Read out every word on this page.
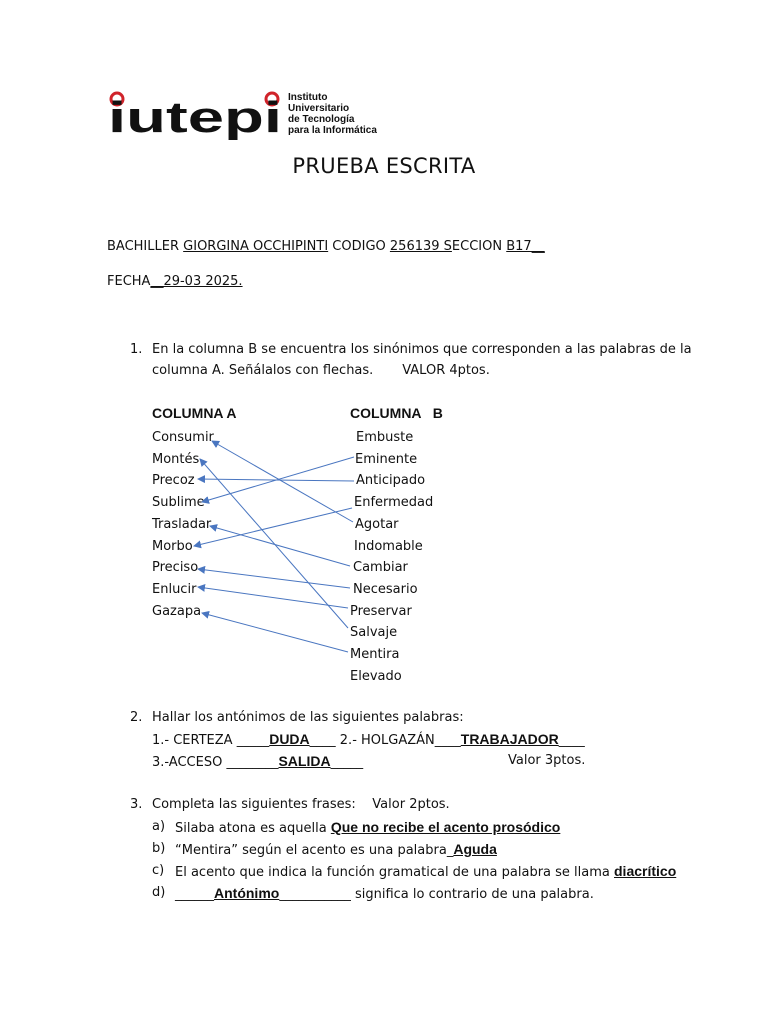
iutepi Instituto
Universitario
de Tecnología
para la Informática
PRUEBA ESCRITA
BACHILLER GIORGINA OCCHIPINTI CODIGO 256139 SECCION B17__
FECHA__29-03 2025.
1. En la columna B se encuentra los sinónimos que corresponden a las palabras de la
columna A. Señálalos con flechas.       VALOR 4ptos.
COLUMNA A	COLUMNA   B
Consumir
Montés
Precoz
Sublime
Trasladar
Morbo
Preciso
Enlucir
Gazapa
Embuste
Eminente
Anticipado
Enfermedad
Agotar
Indomable
Cambiar
Necesario
Preservar
Salvaje
Mentira
Elevado
2. Hallar los antónimos de las siguientes palabras:
1.- CERTEZA _____DUDA____ 2.- HOLGAZÁN____TRABAJADOR____
3.-ACCESO ________SALIDA_____	Valor 3ptos.
3. Completa las siguientes frases:    Valor 2ptos.
a) Silaba atona es aquella Que no recibe el acento prosódico
b) “Mentira” según el acento es una palabra_Aguda
c) El acento que indica la función gramatical de una palabra se llama diacrítico
d) ______Antónimo___________ significa lo contrario de una palabra.
